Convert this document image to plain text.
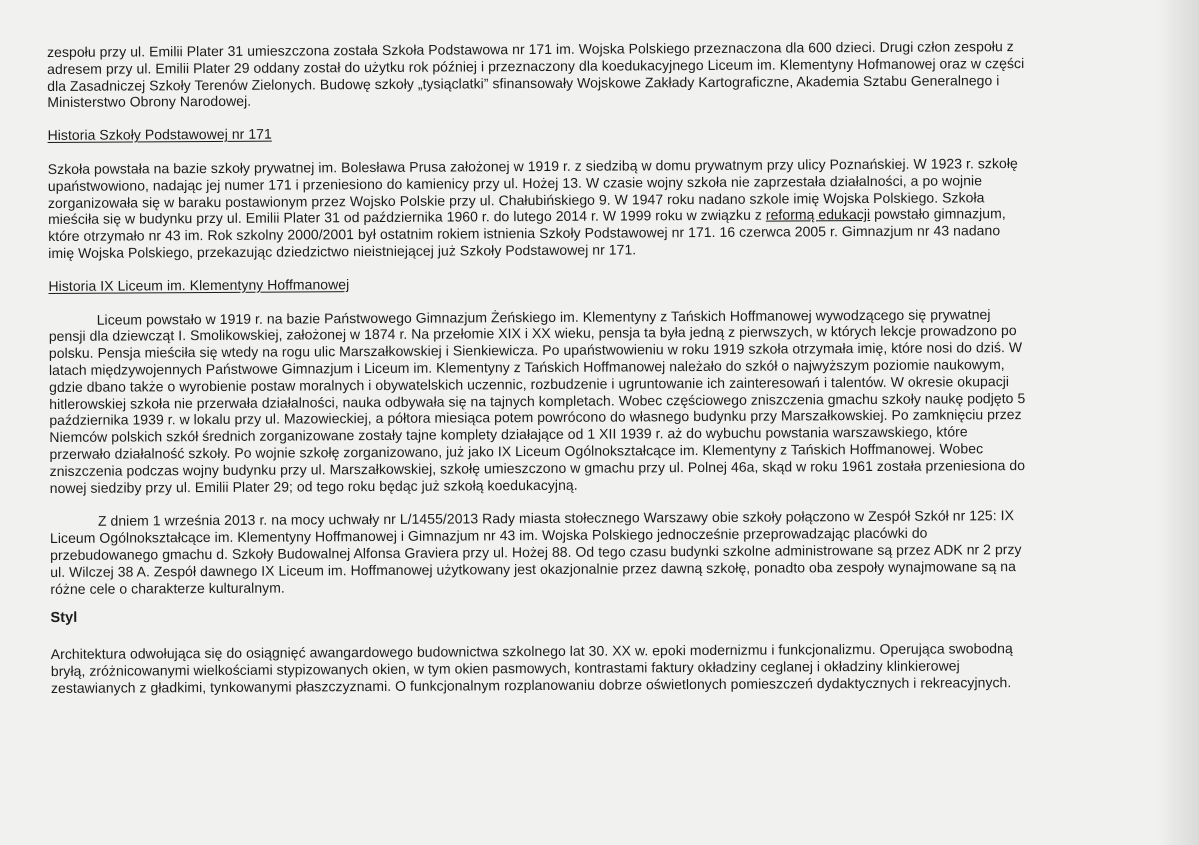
zespołu przy ul. Emilii Plater 31 umieszczona została Szkoła Podstawowa nr 171 im. Wojska Polskiego przeznaczona dla 600 dzieci. Drugi człon zespołu z
adresem przy ul. Emilii Plater 29 oddany został do użytku rok później i przeznaczony dla koedukacyjnego Liceum im. Klementyny Hofmanowej oraz w części
dla Zasadniczej Szkoły Terenów Zielonych. Budowę szkoły „tysiąclatki” sfinansowały Wojskowe Zakłady Kartograficzne, Akademia Sztabu Generalnego i
Ministerstwo Obrony Narodowej.

Historia Szkoły Podstawowej nr 171

Szkoła powstała na bazie szkoły prywatnej im. Bolesława Prusa założonej w 1919 r. z siedzibą w domu prywatnym przy ulicy Poznańskiej. W 1923 r. szkołę
upaństwowiono, nadając jej numer 171 i przeniesiono do kamienicy przy ul. Hożej 13. W czasie wojny szkoła nie zaprzestała działalności, a po wojnie
zorganizowała się w baraku postawionym przez Wojsko Polskie przy ul. Chałubińskiego 9. W 1947 roku nadano szkole imię Wojska Polskiego. Szkoła
mieściła się w budynku przy ul. Emilii Plater 31 od października 1960 r. do lutego 2014 r. W 1999 roku w związku z reformą edukacji powstało gimnazjum,
które otrzymało nr 43 im. Rok szkolny 2000/2001 był ostatnim rokiem istnienia Szkoły Podstawowej nr 171. 16 czerwca 2005 r. Gimnazjum nr 43 nadano
imię Wojska Polskiego, przekazując dziedzictwo nieistniejącej już Szkoły Podstawowej nr 171.

Historia IX Liceum im. Klementyny Hoffmanowej

Liceum powstało w 1919 r. na bazie Państwowego Gimnazjum Żeńskiego im. Klementyny z Tańskich Hoffmanowej wywodzącego się prywatnej
pensji dla dziewcząt I. Smolikowskiej, założonej w 1874 r. Na przełomie XIX i XX wieku, pensja ta była jedną z pierwszych, w których lekcje prowadzono po
polsku. Pensja mieściła się wtedy na rogu ulic Marszałkowskiej i Sienkiewicza. Po upaństwowieniu w roku 1919 szkoła otrzymała imię, które nosi do dziś. W
latach międzywojennych Państwowe Gimnazjum i Liceum im. Klementyny z Tańskich Hoffmanowej należało do szkół o najwyższym poziomie naukowym,
gdzie dbano także o wyrobienie postaw moralnych i obywatelskich uczennic, rozbudzenie i ugruntowanie ich zainteresowań i talentów. W okresie okupacji
hitlerowskiej szkoła nie przerwała działalności, nauka odbywała się na tajnych kompletach. Wobec częściowego zniszczenia gmachu szkoły naukę podjęto 5
października 1939 r. w lokalu przy ul. Mazowieckiej, a półtora miesiąca potem powrócono do własnego budynku przy Marszałkowskiej. Po zamknięciu przez
Niemców polskich szkół średnich zorganizowane zostały tajne komplety działające od 1 XII 1939 r. aż do wybuchu powstania warszawskiego, które
przerwało działalność szkoły. Po wojnie szkołę zorganizowano, już jako IX Liceum Ogólnokształcące im. Klementyny z Tańskich Hoffmanowej. Wobec
zniszczenia podczas wojny budynku przy ul. Marszałkowskiej, szkołę umieszczono w gmachu przy ul. Polnej 46a, skąd w roku 1961 została przeniesiona do
nowej siedziby przy ul. Emilii Plater 29; od tego roku będąc już szkołą koedukacyjną.

Z dniem 1 września 2013 r. na mocy uchwały nr L/1455/2013 Rady miasta stołecznego Warszawy obie szkoły połączono w Zespół Szkół nr 125: IX
Liceum Ogólnokształcące im. Klementyny Hoffmanowej i Gimnazjum nr 43 im. Wojska Polskiego jednocześnie przeprowadzając placówki do
przebudowanego gmachu d. Szkoły Budowalnej Alfonsa Graviera przy ul. Hożej 88. Od tego czasu budynki szkolne administrowane są przez ADK nr 2 przy
ul. Wilczej 38 A. Zespół dawnego IX Liceum im. Hoffmanowej użytkowany jest okazjonalnie przez dawną szkołę, ponadto oba zespoły wynajmowane są na
różne cele o charakterze kulturalnym.

Styl

Architektura odwołująca się do osiągnięć awangardowego budownictwa szkolnego lat 30. XX w. epoki modernizmu i funkcjonalizmu. Operująca swobodną
bryłą, zróżnicowanymi wielkościami stypizowanych okien, w tym okien pasmowych, kontrastami faktury okładziny ceglanej i okładziny klinkierowej
zestawianych z gładkimi, tynkowanymi płaszczyznami. O funkcjonalnym rozplanowaniu dobrze oświetlonych pomieszczeń dydaktycznych i rekreacyjnych.
